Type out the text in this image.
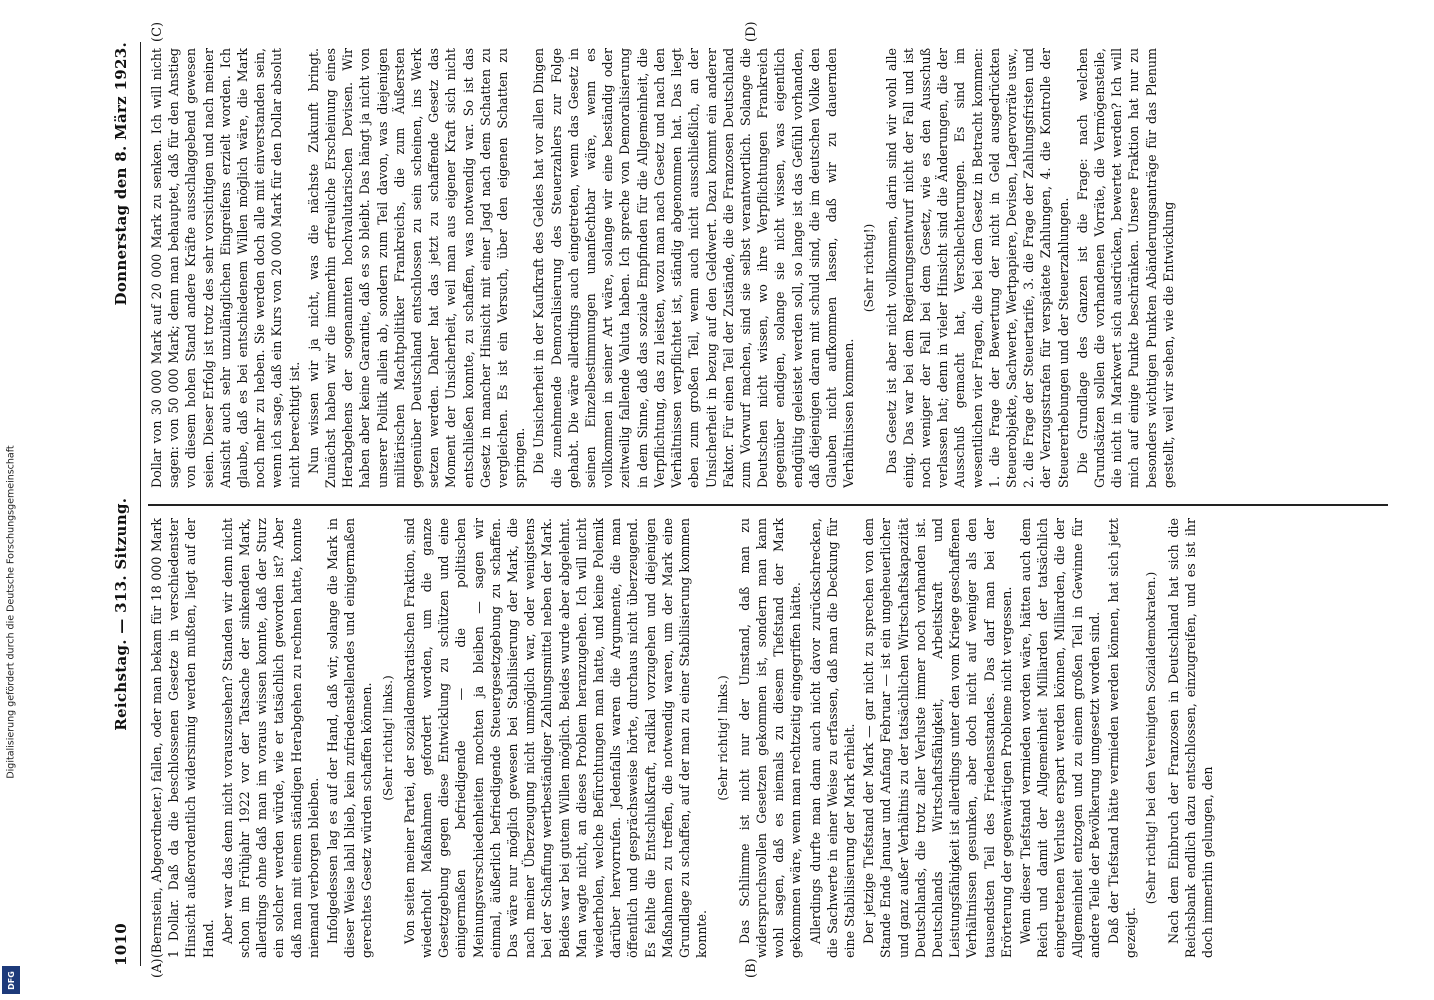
Digitalisierung gefördert durch die Deutsche Forschungsgemeinschaft
DFG
1010
Reichstag. — 313. Sitzung.
Donnerstag den 8. März 1923.
(A)	(B)
(C)	(D)

(Bernstein, Abgeordneter.) fallen, oder man bekam für 18 000 Mark 1 Dollar. Daß da die beschlossenen Gesetze in verschiedenster Hinsicht außerordentlich widersinnig werden mußten, liegt auf der Hand. Aber war das denn nicht vorauszusehen? Standen wir denn nicht schon im Frühjahr 1922 vor der Tatsache der sinkenden Mark, allerdings ohne daß man im voraus wissen konnte, daß der Sturz ein solcher werden würde, wie er tatsächlich geworden ist? Aber daß man mit einem ständigen Herabgehen zu rechnen hatte, konnte niemand verborgen bleiben. Infolgedessen lag es auf der Hand, daß wir, solange die Mark in dieser Weise labil blieb, kein zufriedenstellendes und einigermaßen gerechtes Gesetz würden schaffen können. (Sehr richtig! links.) Von seiten meiner Partei, der sozialdemokratischen Fraktion, sind wiederholt Maßnahmen gefordert worden, um die ganze Gesetzgebung gegen diese Entwicklung zu schützen und eine einigermaßen befriedigende — die politischen Meinungsverschiedenheiten mochten ja bleiben — sagen wir einmal, äußerlich befriedigende Steuergesetzgebung zu schaffen. Das wäre nur möglich gewesen bei Stabilisierung der Mark, die nach meiner Überzeugung nicht unmöglich war, oder wenigstens bei der Schaffung wertbeständiger Zahlungsmittel neben der Mark. Beides war bei gutem Willen möglich. Beides wurde aber abgelehnt. Man wagte nicht, an dieses Problem heranzugehen. Ich will nicht wiederholen, welche Befürchtungen man hatte, und keine Polemik darüber hervorrufen. Jedenfalls waren die Argumente, die man öffentlich und gesprächsweise hörte, durchaus nicht überzeugend. Es fehlte die Entschlußkraft, radikal vorzugehen und diejenigen Maßnahmen zu treffen, die notwendig waren, um der Mark eine Grundlage zu schaffen, auf der man zu einer Stabilisierung kommen konnte.

(Sehr richtig! links.) Das Schlimme ist nicht nur der Umstand, daß man zu widerspruchsvollen Gesetzen gekommen ist, sondern man kann wohl sagen, daß es niemals zu diesem Tiefstand der Mark gekommen wäre, wenn man rechtzeitig eingegriffen hätte. Allerdings durfte man dann auch nicht davor zurückschrecken, die Sachwerte in einer Weise zu erfassen, daß man die Deckung für eine Stabilisierung der Mark erhielt. Der jetzige Tiefstand der Mark — gar nicht zu sprechen von dem Stande Ende Januar und Anfang Februar — ist ein ungeheuerlicher und ganz außer Verhältnis zu der tatsächlichen Wirtschaftskapazität Deutschlands, die trotz aller Verluste immer noch vorhanden ist. Deutschlands Wirtschaftsfähigkeit, Arbeitskraft und Leistungsfähigkeit ist allerdings unter den vom Kriege geschaffenen Verhältnissen gesunken, aber doch nicht auf weniger als den tausendsten Teil des Friedensstandes. Das darf man bei der Erörterung der gegenwärtigen Probleme nicht vergessen. Wenn dieser Tiefstand vermieden worden wäre, hätten auch dem Reich und damit der Allgemeinheit Milliarden der tatsächlich eingetretenen Verluste erspart werden können, Milliarden, die der Allgemeinheit entzogen und zu einem großen Teil in Gewinne für andere Teile der Bevölkerung umgesetzt worden sind. Daß der Tiefstand hätte vermieden werden können, hat sich jetzt gezeigt.

(Sehr richtig! bei den Vereinigten Sozialdemokraten.) Nach dem Einbruch der Franzosen in Deutschland hat sich die Reichsbank endlich dazu entschlossen, einzugreifen, und es ist ihr doch immerhin gelungen, den

Dollar von 30 000 Mark auf 20 000 Mark zu senken. Ich will nicht sagen: von 50 000 Mark; denn man behauptet, daß für den Anstieg von diesem hohen Stand andere Kräfte ausschlaggebend gewesen seien. Dieser Erfolg ist trotz des sehr vorsichtigen und nach meiner Ansicht auch sehr unzulänglichen Eingreifens erzielt worden. Ich glaube, daß es bei entschiedenem Willen möglich wäre, die Mark noch mehr zu heben. Sie werden doch alle mit einverstanden sein, wenn ich sage, daß ein Kurs von 20 000 Mark für den Dollar absolut nicht berechtigt ist. Nun wissen wir ja nicht, was die nächste Zukunft bringt. Zunächst haben wir die immerhin erfreuliche Erscheinung eines Herabgehens der sogenannten hochvalutarischen Devisen. Wir haben aber keine Garantie, daß es so bleibt. Das hängt ja nicht von unserer Politik allein ab, sondern zum Teil davon, was diejenigen militärischen Machtpolitiker Frankreichs, die zum Äußersten gegenüber Deutschland entschlossen zu sein scheinen, ins Werk setzen werden. Daher hat das jetzt zu schaffende Gesetz das Moment der Unsicherheit, weil man aus eigener Kraft sich nicht entschließen konnte, zu schaffen, was notwendig war. So ist das Gesetz in mancher Hinsicht mit einer Jagd nach dem Schatten zu vergleichen. Es ist ein Versuch, über den eigenen Schatten zu springen. Die Unsicherheit in der Kaufkraft des Geldes hat vor allen Dingen die zunehmende Demoralisierung des Steuerzahlers zur Folge gehabt. Die wäre allerdings auch eingetreten, wenn das Gesetz in seinen Einzelbestimmungen unanfechtbar wäre, wenn es vollkommen in seiner Art wäre, solange wir eine beständig oder zeitweilig fallende Valuta haben. Ich spreche von Demoralisierung in dem Sinne, daß das soziale Empfinden für die Allgemeinheit, die Verpflichtung, das zu leisten, wozu man nach Gesetz und nach den Verhältnissen verpflichtet ist, ständig abgenommen hat. Das liegt eben zum großen Teil, wenn auch nicht ausschließlich, an der Unsicherheit in bezug auf den Geldwert. Dazu kommt ein anderer Faktor. Für einen Teil der Zustände, die die Franzosen Deutschland zum Vorwurf machen, sind sie selbst verantwortlich. Solange die Deutschen nicht wissen, wo ihre Verpflichtungen Frankreich gegenüber endigen, solange sie nicht wissen, was eigentlich endgültig geleistet werden soll, so lange ist das Gefühl vorhanden, daß diejenigen daran mit schuld sind, die im deutschen Volke den Glauben nicht aufkommen lassen, daß wir zu dauernden Verhältnissen kommen.

(Sehr richtig!) Das Gesetz ist aber nicht vollkommen, darin sind wir wohl alle einig. Das war bei dem Regierungsentwurf nicht der Fall und ist noch weniger der Fall bei dem Gesetz, wie es den Ausschuß verlassen hat; denn in vieler Hinsicht sind die Änderungen, die der Ausschuß gemacht hat, Verschlechterungen. Es sind im wesentlichen vier Fragen, die bei dem Gesetz in Betracht kommen: 1. die Frage der Bewertung der nicht in Geld ausgedrückten Steuerobjekte, Sachwerte, Wertpapiere, Devisen, Lagervorräte usw., 2. die Frage der Steuertarife, 3. die Frage der Zahlungsfristen und der Verzugsstrafen für verspätete Zahlungen, 4. die Kontrolle der Steuererhebungen und der Steuerzahlungen. Die Grundlage des Ganzen ist die Frage: nach welchen Grundsätzen sollen die vorhandenen Vorräte, die Vermögensteile, die nicht in Markwert sich ausdrücken, bewertet werden? Ich will mich auf einige Punkte beschränken. Unsere Fraktion hat nur zu besonders wichtigen Punkten Abänderungsanträge für das Plenum gestellt, weil wir sehen, wie die Entwicklung
